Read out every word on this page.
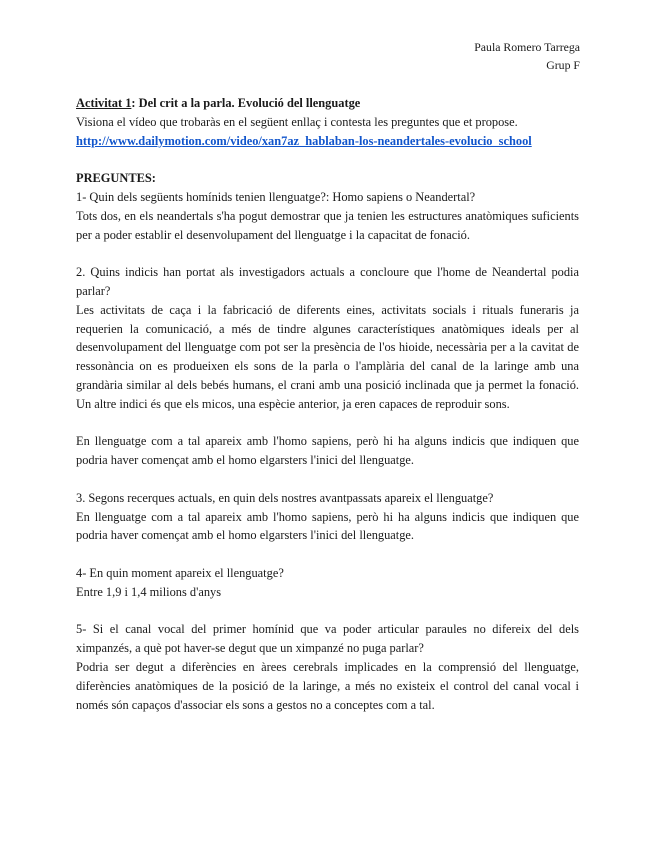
Paula Romero Tarrega
Grup F

Activitat 1: Del crit a la parla. Evolució del llenguatge

Visiona el vídeo que trobaràs en el següent enllaç i contesta les preguntes que et propose.

http://www.dailymotion.com/video/xan7az_hablaban-los-neandertales-evolucio_school

PREGUNTES:

1- Quin dels següents homínids tenien llenguatge?: Homo sapiens o Neandertal?

Tots dos, en els neandertals s'ha pogut demostrar que ja tenien les estructures anatòmiques suficients per a poder establir el desenvolupament del llenguatge i la capacitat de fonació.

2. Quins indicis han portat als investigadors actuals a concloure que l'home de Neandertal podia parlar?

Les activitats de caça i la fabricació de diferents eines, activitats socials i rituals funeraris ja requerien la comunicació, a més de tindre algunes característiques anatòmiques ideals per al desenvolupament del llenguatge com pot ser la presència de l'os hioide, necessària per a la cavitat de ressonància on es produeixen els sons de la parla o l'amplària del canal de la laringe amb una grandària similar al dels bebés humans, el crani amb una posició inclinada que ja permet la fonació. Un altre indici és que els micos, una espècie anterior, ja eren capaces de reproduir sons.

En llenguatge com a tal apareix amb l'homo sapiens, però hi ha alguns indicis que indiquen que podria haver començat amb el homo elgarsters l'inici del llenguatge.

3. Segons recerques actuals, en quin dels nostres avantpassats apareix el llenguatge?

En llenguatge com a tal apareix amb l'homo sapiens, però hi ha alguns indicis que indiquen que podria haver començat amb el homo elgarsters l'inici del llenguatge.

4- En quin moment apareix el llenguatge?

Entre 1,9 i 1,4 milions d'anys

5- Si el canal vocal del primer homínid que va poder articular paraules no difereix del dels ximpanzés, a què pot haver-se degut que un ximpanzé no puga parlar?

Podria ser degut a diferències en àrees cerebrals implicades en la comprensió del llenguatge, diferències anatòmiques de la posició de la laringe, a més no existeix el control del canal vocal i només són capaços d'associar els sons a gestos no a conceptes com a tal.
